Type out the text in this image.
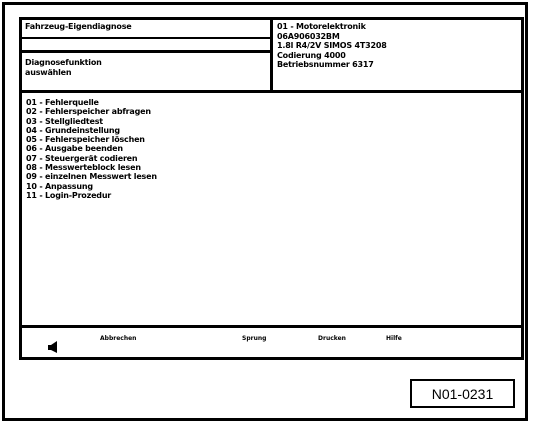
Fahrzeug-Eigendiagnose
Diagnosefunktion
auswählen
01 - Motorelektronik
06A906032BM
1.8l R4/2V SIMOS 4T3208
Codierung 4000
Betriebsnummer 6317
01 - Fehlerquelle
02 - Fehlerspeicher abfragen
03 - Stellgliedtest
04 - Grundeinstellung
05 - Fehlerspeicher löschen
06 - Ausgabe beenden
07 - Steuergerät codieren
08 - Messwerteblock lesen
09 - einzelnen Messwert lesen
10 - Anpassung
11 - Login-Prozedur
Abbrechen	Sprung	Drucken	Hilfe
N01-0231
